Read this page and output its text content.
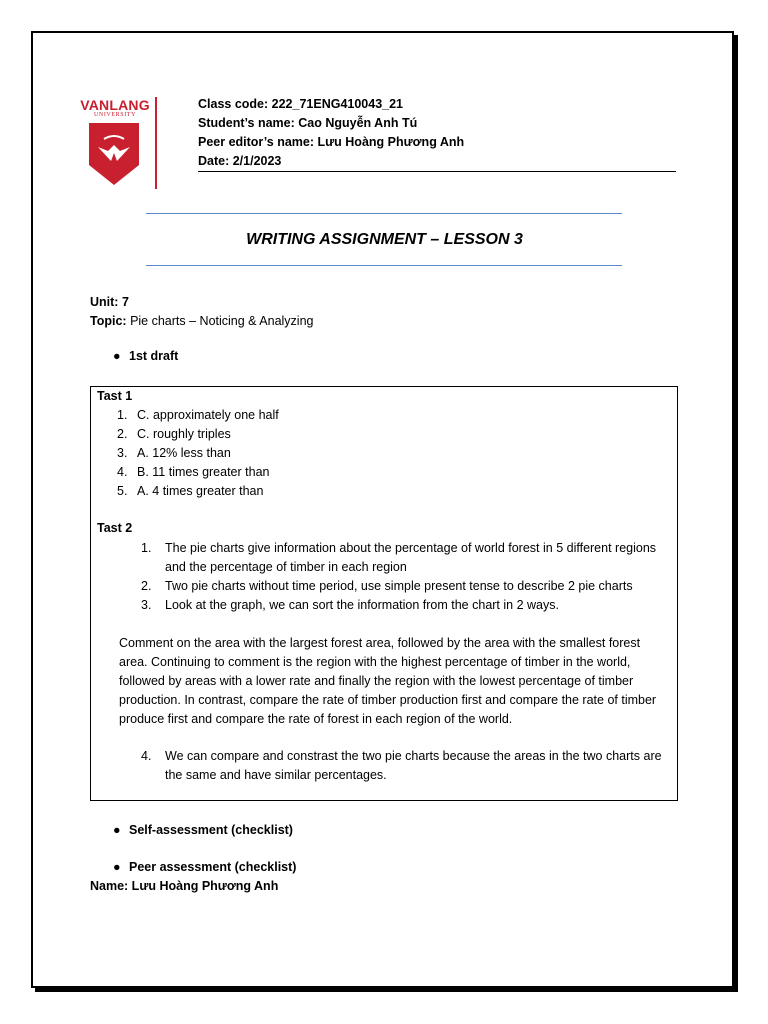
VANLANG
UNIVERSITY
Class code: 222_71ENG410043_21
Student’s name: Cao Nguyễn Anh Tú
Peer editor’s name: Lưu Hoàng Phương Anh
Date: 2/1/2023
WRITING ASSIGNMENT – LESSON 3
Unit: 7
Topic: Pie charts – Noticing & Analyzing
● 1st draft
Tast 1
1. C. approximately one half
2. C. roughly triples
3. A. 12% less than
4. B. 11 times greater than
5. A. 4 times greater than
Tast 2
1. The pie charts give information about the percentage of world forest in 5 different regions and the percentage of timber in each region
2. Two pie charts without time period, use simple present tense to describe 2 pie charts
3. Look at the graph, we can sort the information from the chart in 2 ways.
Comment on the area with the largest forest area, followed by the area with the smallest forest area. Continuing to comment is the region with the highest percentage of timber in the world, followed by areas with a lower rate and finally the region with the lowest percentage of timber production. In contrast, compare the rate of timber production first and compare the rate of timber produce first and compare the rate of forest in each region of the world.
4. We can compare and constrast the two pie charts because the areas in the two charts are the same and have similar percentages.
● Self-assessment (checklist)
● Peer assessment (checklist)
Name: Lưu Hoàng Phương Anh
